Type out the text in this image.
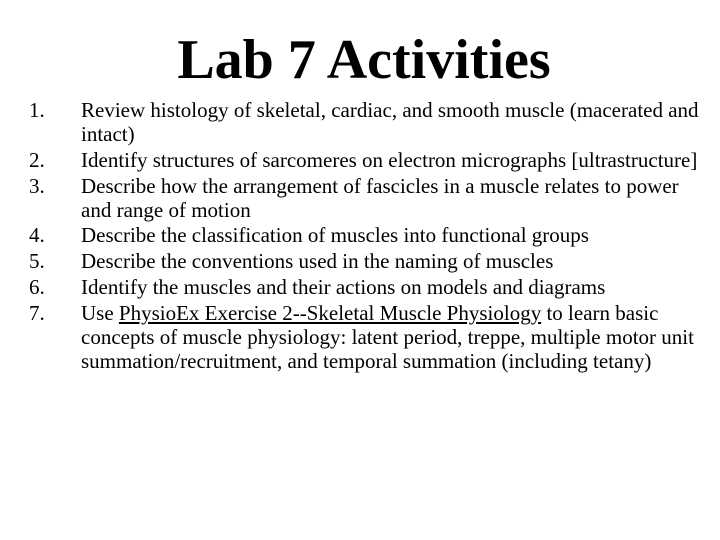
Lab 7 Activities
1.	Review histology of skeletal, cardiac, and smooth muscle (macerated and intact)
2.	Identify structures of sarcomeres on electron micrographs [ultrastructure]
3.	Describe how the arrangement of fascicles in a muscle relates to power and range of motion
4.	Describe the classification of muscles into functional groups
5.	Describe the conventions used in the naming of muscles
6.	Identify the muscles and their actions on models and diagrams
7.	Use PhysioEx Exercise 2--Skeletal Muscle Physiology to learn basic concepts of muscle physiology: latent period, treppe, multiple motor unit summation/recruitment, and temporal summation (including tetany)
